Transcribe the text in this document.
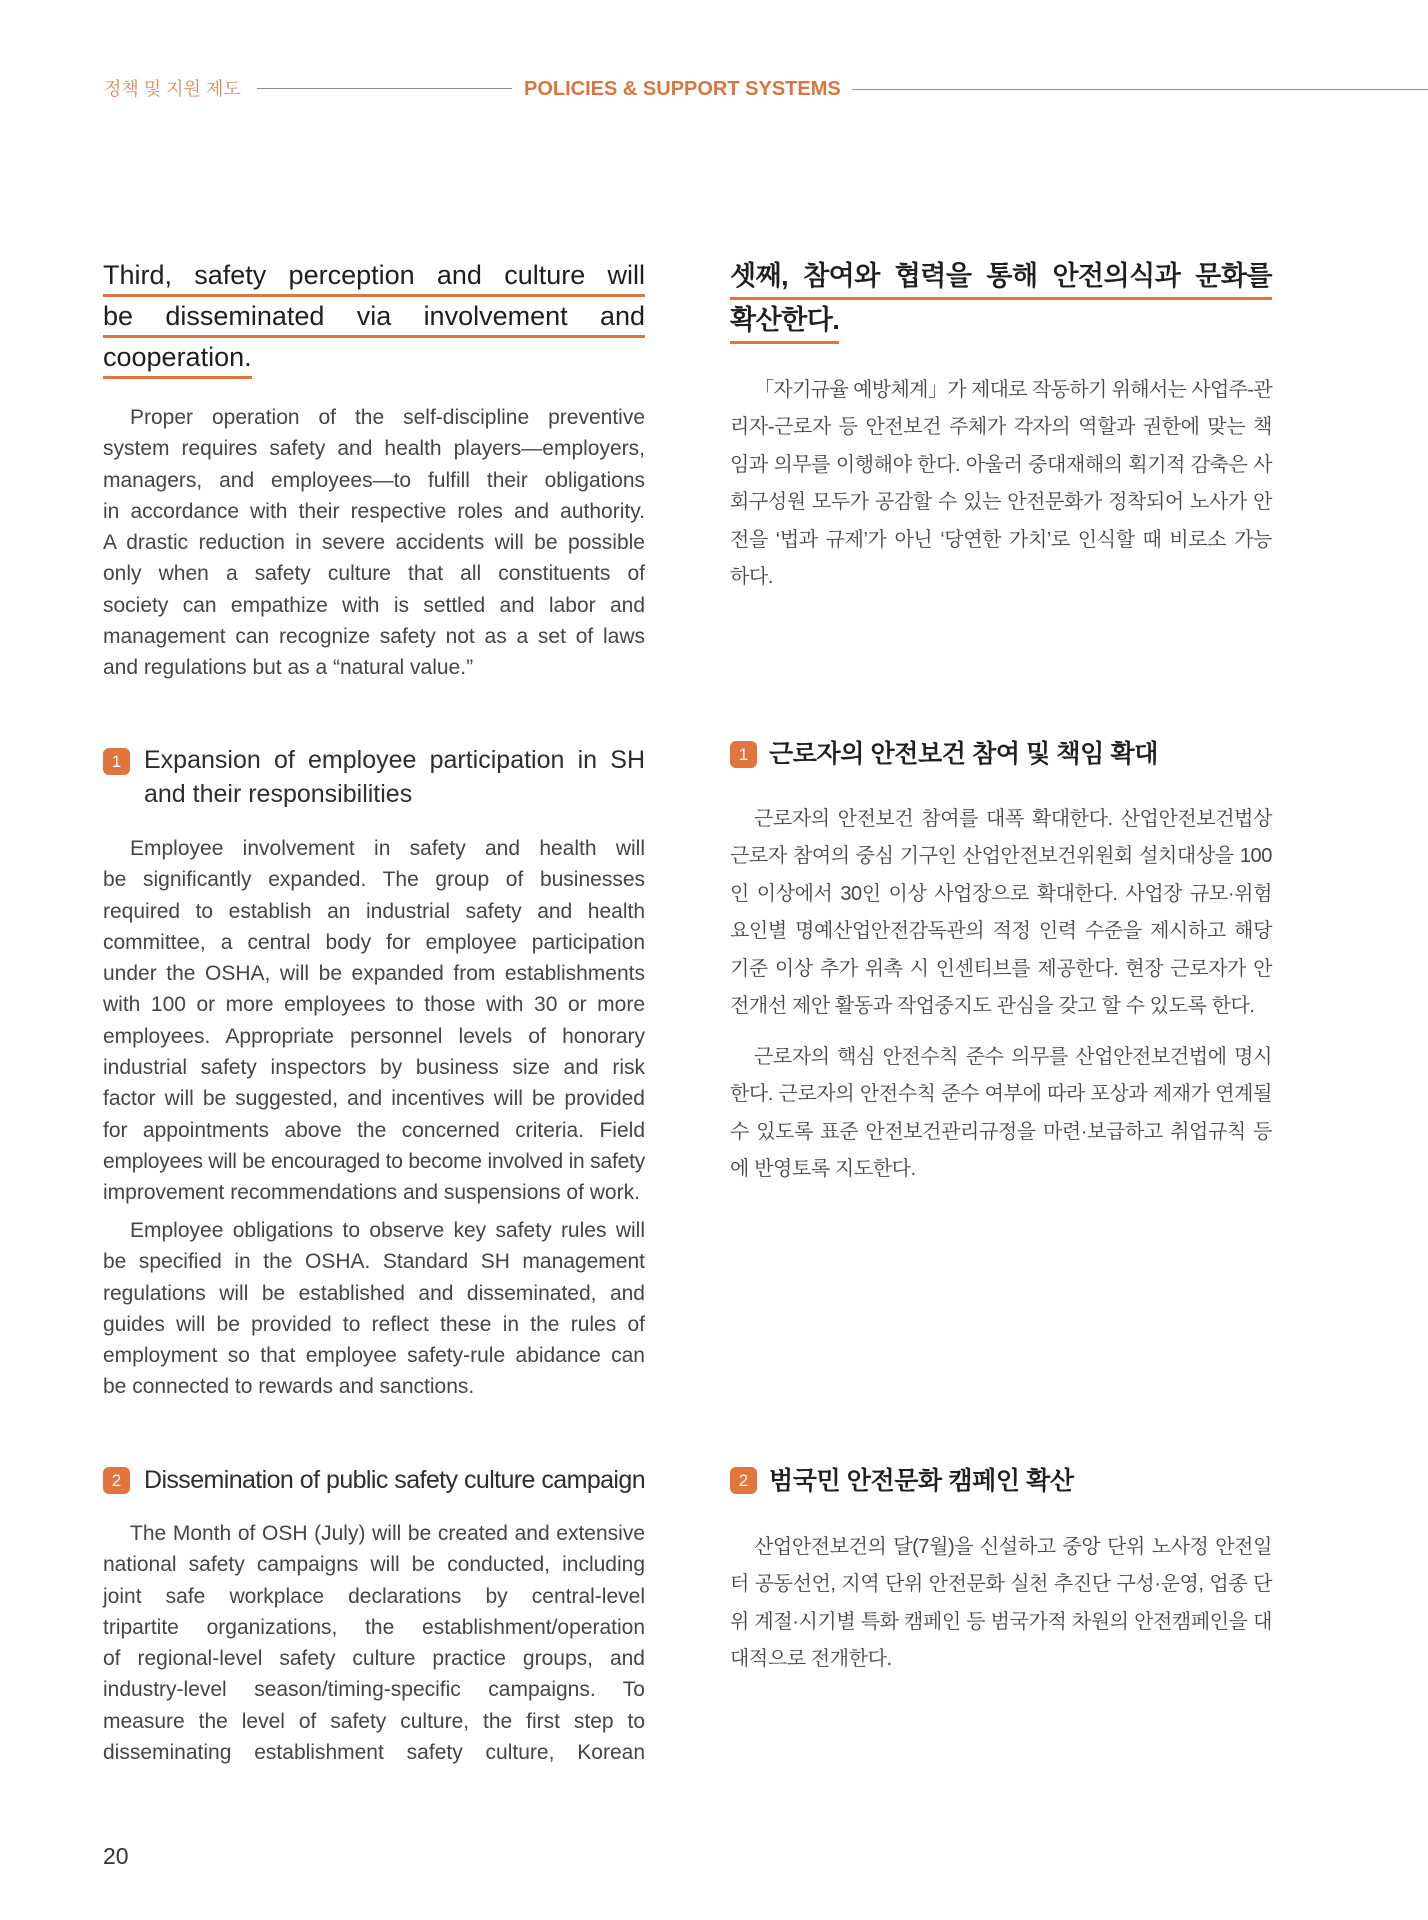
정책 및 지원 제도	POLICIES & SUPPORT SYSTEMS
Third, safety perception and culture will
be disseminated via involvement and
cooperation.
Proper operation of the self-discipline preventive
system requires safety and health players—employers,
managers, and employees—to fulfill their obligations
in accordance with their respective roles and authority.
A drastic reduction in severe accidents will be possible
only when a safety culture that all constituents of
society can empathize with is settled and labor and
management can recognize safety not as a set of laws
and regulations but as a “natural value.”
셋째, 참여와 협력을 통해 안전의식과 문화를
확산한다.
「자기규율 예방체계」가 제대로 작동하기 위해서는 사업주-관
리자-근로자 등 안전보건 주체가 각자의 역할과 권한에 맞는 책
임과 의무를 이행해야 한다. 아울러 중대재해의 획기적 감축은 사
회구성원 모두가 공감할 수 있는 안전문화가 정착되어 노사가 안
전을 ‘법과 규제’가 아닌 ‘당연한 가치’로 인식할 때 비로소 가능
하다.
1 Expansion of employee participation in SH
and their responsibilities
Employee involvement in safety and health will
be significantly expanded. The group of businesses
required to establish an industrial safety and health
committee, a central body for employee participation
under the OSHA, will be expanded from establishments
with 100 or more employees to those with 30 or more
employees. Appropriate personnel levels of honorary
industrial safety inspectors by business size and risk
factor will be suggested, and incentives will be provided
for appointments above the concerned criteria. Field
employees will be encouraged to become involved in safety
improvement recommendations and suspensions of work.
Employee obligations to observe key safety rules will
be specified in the OSHA. Standard SH management
regulations will be established and disseminated, and
guides will be provided to reflect these in the rules of
employment so that employee safety-rule abidance can
be connected to rewards and sanctions.
1 근로자의 안전보건 참여 및 책임 확대
근로자의 안전보건 참여를 대폭 확대한다. 산업안전보건법상
근로자 참여의 중심 기구인 산업안전보건위원회 설치대상을 100
인 이상에서 30인 이상 사업장으로 확대한다. 사업장 규모·위험
요인별 명예산업안전감독관의 적정 인력 수준을 제시하고 해당
기준 이상 추가 위촉 시 인센티브를 제공한다. 현장 근로자가 안
전개선 제안 활동과 작업중지도 관심을 갖고 할 수 있도록 한다.
근로자의 핵심 안전수칙 준수 의무를 산업안전보건법에 명시
한다. 근로자의 안전수칙 준수 여부에 따라 포상과 제재가 연계될
수 있도록 표준 안전보건관리규정을 마련·보급하고 취업규칙 등
에 반영토록 지도한다.
2 Dissemination of public safety culture campaign
The Month of OSH (July) will be created and extensive
national safety campaigns will be conducted, including
joint safe workplace declarations by central-level
tripartite organizations, the establishment/operation
of regional-level safety culture practice groups, and
industry-level season/timing-specific campaigns. To
measure the level of safety culture, the first step to
disseminating establishment safety culture, Korean
2 범국민 안전문화 캠페인 확산
산업안전보건의 달(7월)을 신설하고 중앙 단위 노사정 안전일
터 공동선언, 지역 단위 안전문화 실천 추진단 구성·운영, 업종 단
위 계절·시기별 특화 캠페인 등 범국가적 차원의 안전캠페인을 대
대적으로 전개한다.
20
